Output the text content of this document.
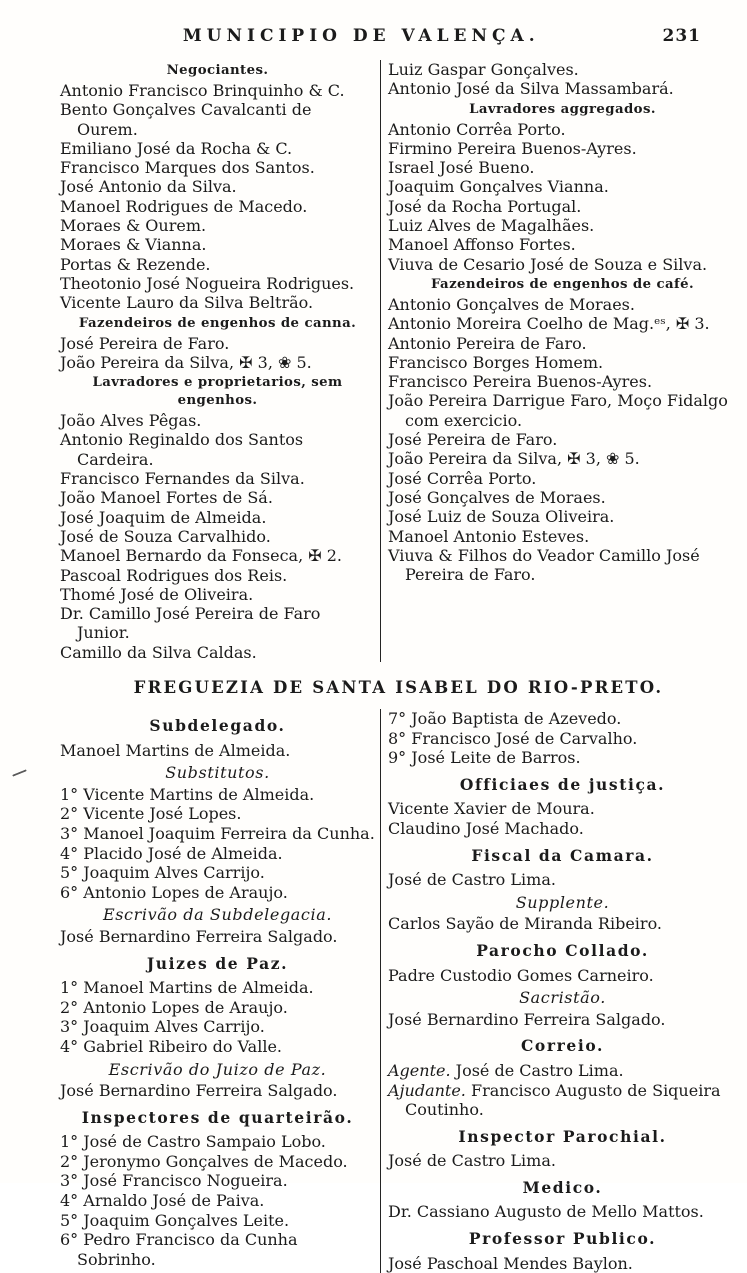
MUNICIPIO DE VALENÇA.	231
Negociantes.
Antonio Francisco Brinquinho & C.
Bento Gonçalves Cavalcanti de Ourem.
Emiliano José da Rocha & C.
Francisco Marques dos Santos.
José Antonio da Silva.
Manoel Rodrigues de Macedo.
Moraes & Ourem.
Moraes & Vianna.
Portas & Rezende.
Theotonio José Nogueira Rodrigues.
Vicente Lauro da Silva Beltrão.
Fazendeiros de engenhos de canna.
José Pereira de Faro.
João Pereira da Silva, ✠ 3, ❀ 5.
Lavradores e proprietarios, sem engenhos.
João Alves Pêgas.
Antonio Reginaldo dos Santos Cardeira.
Francisco Fernandes da Silva.
João Manoel Fortes de Sá.
José Joaquim de Almeida.
José de Souza Carvalhido.
Manoel Bernardo da Fonseca, ✠ 2.
Pascoal Rodrigues dos Reis.
Thomé José de Oliveira.
Dr. Camillo José Pereira de Faro Junior.
Camillo da Silva Caldas.
Luiz Gaspar Gonçalves.
Antonio José da Silva Massambará.
Lavradores aggregados.
Antonio Corrêa Porto.
Firmino Pereira Buenos-Ayres.
Israel José Bueno.
Joaquim Gonçalves Vianna.
José da Rocha Portugal.
Luiz Alves de Magalhães.
Manoel Affonso Fortes.
Viuva de Cesario José de Souza e Silva.
Fazendeiros de engenhos de café.
Antonio Gonçalves de Moraes.
Antonio Moreira Coelho de Mag.ᵉˢ, ✠ 3.
Antonio Pereira de Faro.
Francisco Borges Homem.
Francisco Pereira Buenos-Ayres.
João Pereira Darrigue Faro, Moço Fidalgo com exercicio.
José Pereira de Faro.
João Pereira da Silva, ✠ 3, ❀ 5.
José Corrêa Porto.
José Gonçalves de Moraes.
José Luiz de Souza Oliveira.
Manoel Antonio Esteves.
Viuva & Filhos do Veador Camillo José Pereira de Faro.
FREGUEZIA DE SANTA ISABEL DO RIO-PRETO.
Subdelegado.
Manoel Martins de Almeida.
Substitutos.
1° Vicente Martins de Almeida.
2° Vicente José Lopes.
3° Manoel Joaquim Ferreira da Cunha.
4° Placido José de Almeida.
5° Joaquim Alves Carrijo.
6° Antonio Lopes de Araujo.
Escrivão da Subdelegacia.
José Bernardino Ferreira Salgado.
Juizes de Paz.
1° Manoel Martins de Almeida.
2° Antonio Lopes de Araujo.
3° Joaquim Alves Carrijo.
4° Gabriel Ribeiro do Valle.
Escrivão do Juizo de Paz.
José Bernardino Ferreira Salgado.
Inspectores de quarteirão.
1° José de Castro Sampaio Lobo.
2° Jeronymo Gonçalves de Macedo.
3° José Francisco Nogueira.
4° Arnaldo José de Paiva.
5° Joaquim Gonçalves Leite.
6° Pedro Francisco da Cunha Sobrinho.
7° João Baptista de Azevedo.
8° Francisco José de Carvalho.
9° José Leite de Barros.
Officiaes de justiça.
Vicente Xavier de Moura.
Claudino José Machado.
Fiscal da Camara.
José de Castro Lima.
Supplente.
Carlos Sayão de Miranda Ribeiro.
Parocho Collado.
Padre Custodio Gomes Carneiro.
Sacristão.
José Bernardino Ferreira Salgado.
Correio.
Agente. José de Castro Lima.
Ajudante. Francisco Augusto de Siqueira Coutinho.
Inspector Parochial.
José de Castro Lima.
Medico.
Dr. Cassiano Augusto de Mello Mattos.
Professor Publico.
José Paschoal Mendes Baylon.
